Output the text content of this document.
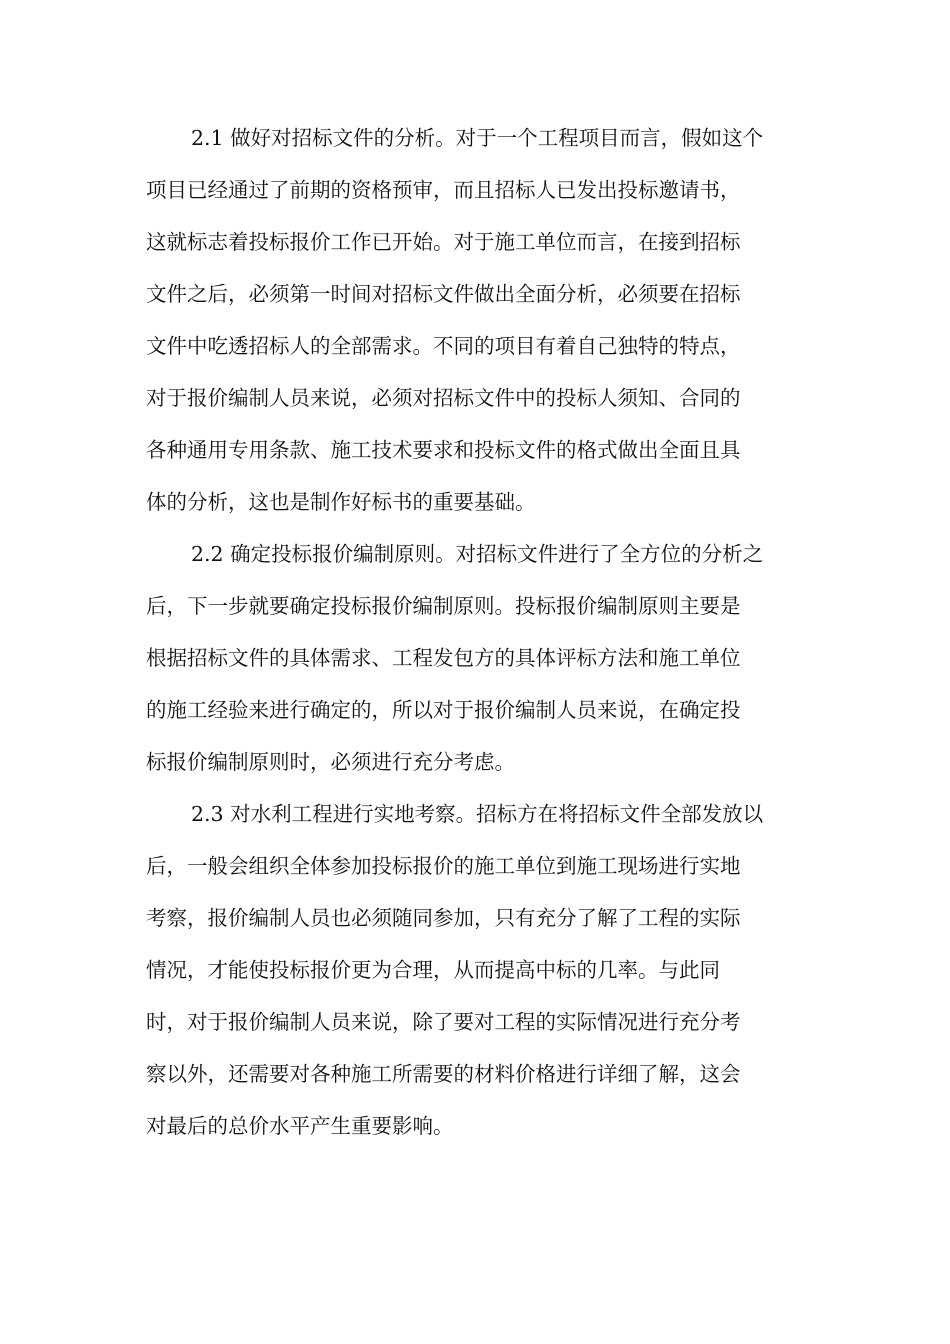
2.1 做好对招标文件的分析。对于一个工程项目而言，假如这个
项目已经通过了前期的资格预审，而且招标人已发出投标邀请书，
这就标志着投标报价工作已开始。对于施工单位而言，在接到招标
文件之后，必须第一时间对招标文件做出全面分析，必须要在招标
文件中吃透招标人的全部需求。不同的项目有着自己独特的特点，
对于报价编制人员来说，必须对招标文件中的投标人须知、合同的
各种通用专用条款、施工技术要求和投标文件的格式做出全面且具
体的分析，这也是制作好标书的重要基础。
2.2 确定投标报价编制原则。对招标文件进行了全方位的分析之
后，下一步就要确定投标报价编制原则。投标报价编制原则主要是
根据招标文件的具体需求、工程发包方的具体评标方法和施工单位
的施工经验来进行确定的，所以对于报价编制人员来说，在确定投
标报价编制原则时，必须进行充分考虑。
2.3 对水利工程进行实地考察。招标方在将招标文件全部发放以
后，一般会组织全体参加投标报价的施工单位到施工现场进行实地
考察，报价编制人员也必须随同参加，只有充分了解了工程的实际
情况，才能使投标报价更为合理，从而提高中标的几率。与此同
时，对于报价编制人员来说，除了要对工程的实际情况进行充分考
察以外，还需要对各种施工所需要的材料价格进行详细了解，这会
对最后的总价水平产生重要影响。
